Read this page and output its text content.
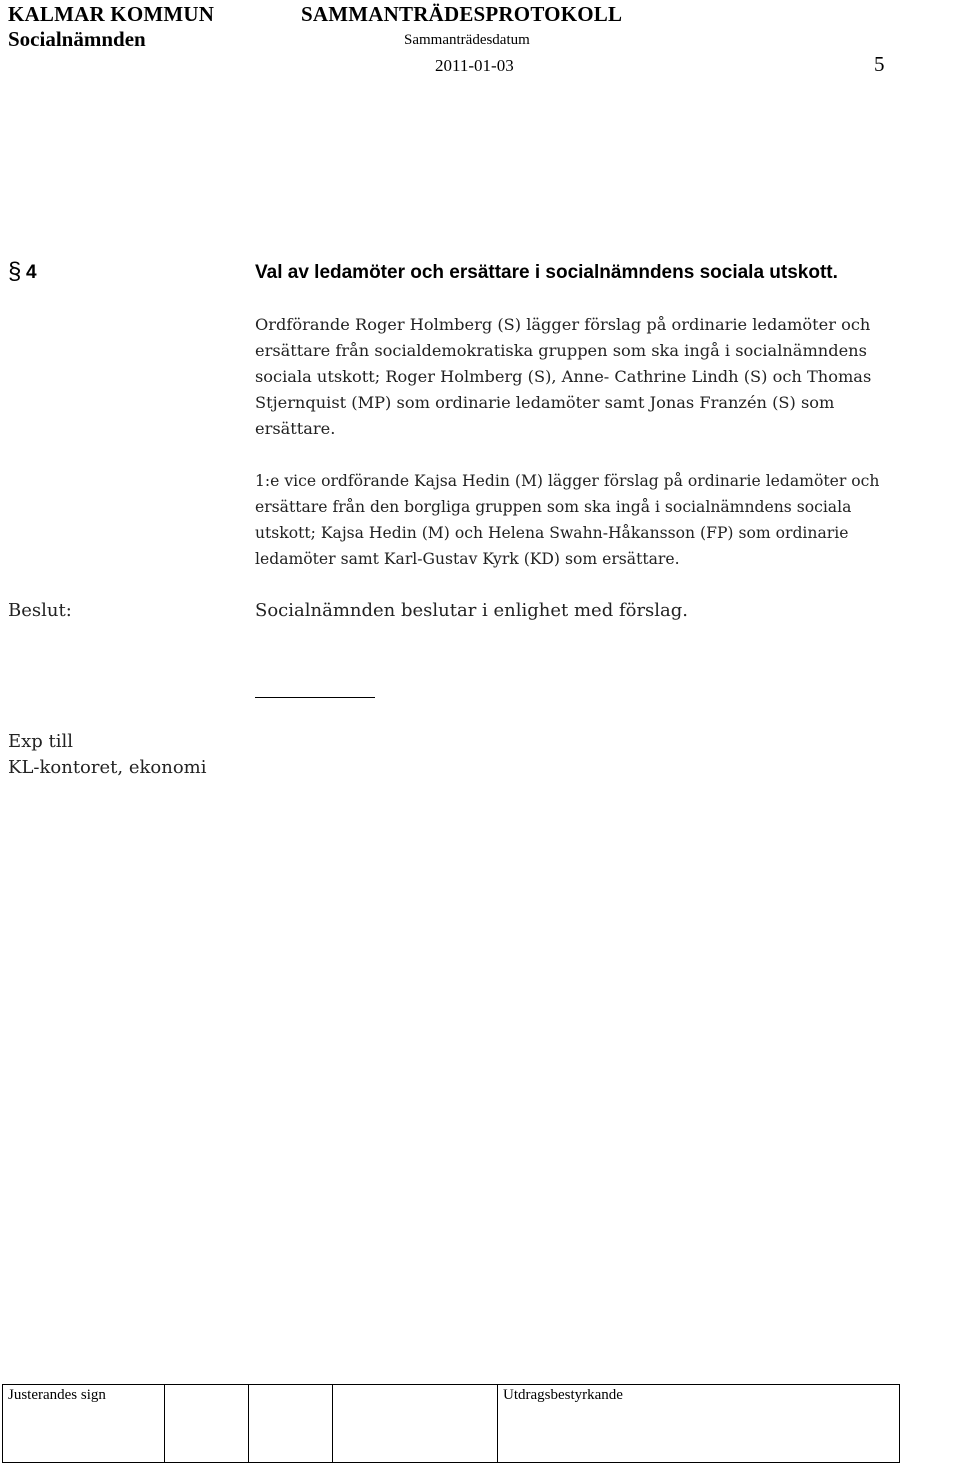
KALMAR KOMMUN	SAMMANTRÄDESPROTOKOLL
Socialnämnden	Sammanträdesdatum
2011-01-03	5
§ 4	Val av ledamöter och ersättare i socialnämndens sociala utskott.
Ordförande Roger Holmberg (S) lägger förslag på ordinarie ledamöter och
ersättare från socialdemokratiska gruppen som ska ingå i socialnämndens
sociala utskott; Roger Holmberg (S), Anne- Cathrine Lindh (S) och Thomas
Stjernquist (MP) som ordinarie ledamöter samt Jonas Franzén (S) som
ersättare.
1:e vice ordförande Kajsa Hedin (M) lägger förslag på ordinarie ledamöter och
ersättare från den borgliga gruppen som ska ingå i socialnämndens sociala
utskott; Kajsa Hedin (M) och Helena Swahn-Håkansson (FP) som ordinarie
ledamöter samt Karl-Gustav Kyrk (KD) som ersättare.
Beslut:	Socialnämnden beslutar i enlighet med förslag.
Exp till
KL-kontoret, ekonomi
Justerandes sign	Utdragsbestyrkande
